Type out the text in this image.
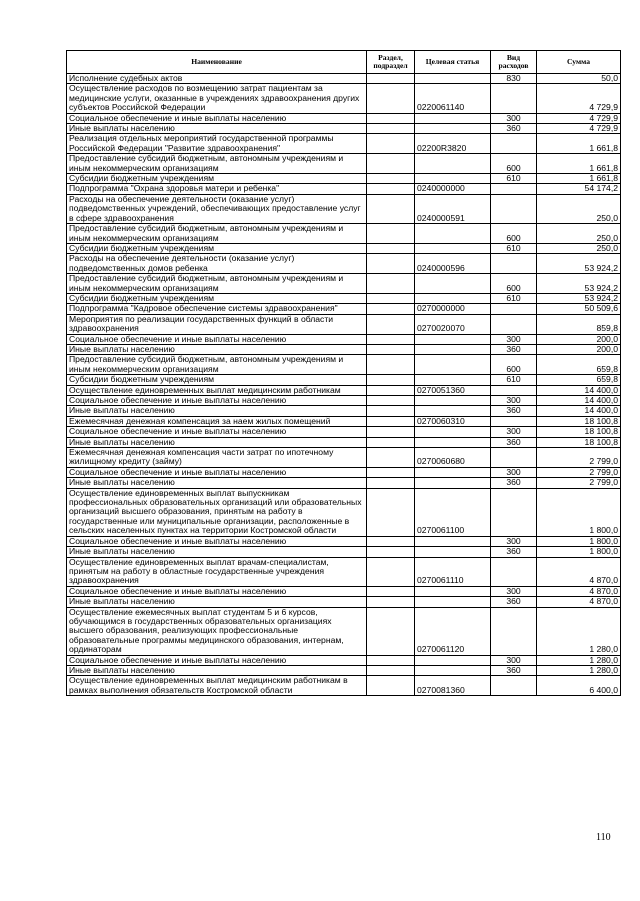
Наименование	Раздел, подраздел	Целевая статья	Вид расходов	Сумма
Исполнение судебных актов			830	50,0
Осуществление расходов по возмещению затрат пациентам за медицинские услуги, оказанные в учреждениях здравоохранения других субъектов Российской Федерации		0220061140		4 729,9
Социальное обеспечение и иные выплаты населению			300	4 729,9
Иные выплаты населению			360	4 729,9
Реализация отдельных мероприятий государственной программы Российской Федерации "Развитие здравоохранения"		02200R3820		1 661,8
Предоставление субсидий бюджетным, автономным учреждениям и иным некоммерческим организациям			600	1 661,8
Субсидии бюджетным учреждениям			610	1 661,8
Подпрограмма "Охрана здоровья матери и ребенка"		0240000000		54 174,2
Расходы на обеспечение деятельности (оказание услуг) подведомственных учреждений, обеспечивающих предоставление услуг в сфере здравоохранения		0240000591		250,0
Предоставление субсидий бюджетным, автономным учреждениям и иным некоммерческим организациям			600	250,0
Субсидии бюджетным учреждениям			610	250,0
Расходы на обеспечение деятельности (оказание услуг) подведомственных домов ребенка		0240000596		53 924,2
Предоставление субсидий бюджетным, автономным учреждениям и иным некоммерческим организациям			600	53 924,2
Субсидии бюджетным учреждениям			610	53 924,2
Подпрограмма "Кадровое обеспечение системы здравоохранения"		0270000000		50 509,6
Мероприятия по реализации государственных функций в области здравоохранения		0270020070		859,8
Социальное обеспечение и иные выплаты населению			300	200,0
Иные выплаты населению			360	200,0
Предоставление субсидий бюджетным, автономным учреждениям и иным некоммерческим организациям			600	659,8
Субсидии бюджетным учреждениям			610	659,8
Осуществление единовременных выплат медицинским работникам		0270051360		14 400,0
Социальное обеспечение и иные выплаты населению			300	14 400,0
Иные выплаты населению			360	14 400,0
Ежемесячная денежная компенсация за наем жилых помещений		0270060310		18 100,8
Социальное обеспечение и иные выплаты населению			300	18 100,8
Иные выплаты населению			360	18 100,8
Ежемесячная денежная компенсация части затрат по ипотечному жилищному кредиту (займу)		0270060680		2 799,0
Социальное обеспечение и иные выплаты населению			300	2 799,0
Иные выплаты населению			360	2 799,0
Осуществление единовременных выплат выпускникам профессиональных образовательных организаций или образовательных организаций высшего образования, принятым на работу в государственные или муниципальные организации, расположенные в сельских населенных пунктах на территории Костромской области		0270061100		1 800,0
Социальное обеспечение и иные выплаты населению			300	1 800,0
Иные выплаты населению			360	1 800,0
Осуществление единовременных выплат врачам-специалистам, принятым на работу в областные государственные учреждения здравоохранения		0270061110		4 870,0
Социальное обеспечение и иные выплаты населению			300	4 870,0
Иные выплаты населению			360	4 870,0
Осуществление ежемесячных выплат студентам 5 и 6 курсов, обучающимся в государственных образовательных организациях высшего образования, реализующих профессиональные образовательные программы медицинского образования, интернам, ординаторам		0270061120		1 280,0
Социальное обеспечение и иные выплаты населению			300	1 280,0
Иные выплаты населению			360	1 280,0
Осуществление единовременных выплат медицинским работникам в рамках выполнения обязательств Костромской области		0270081360		6 400,0
110
